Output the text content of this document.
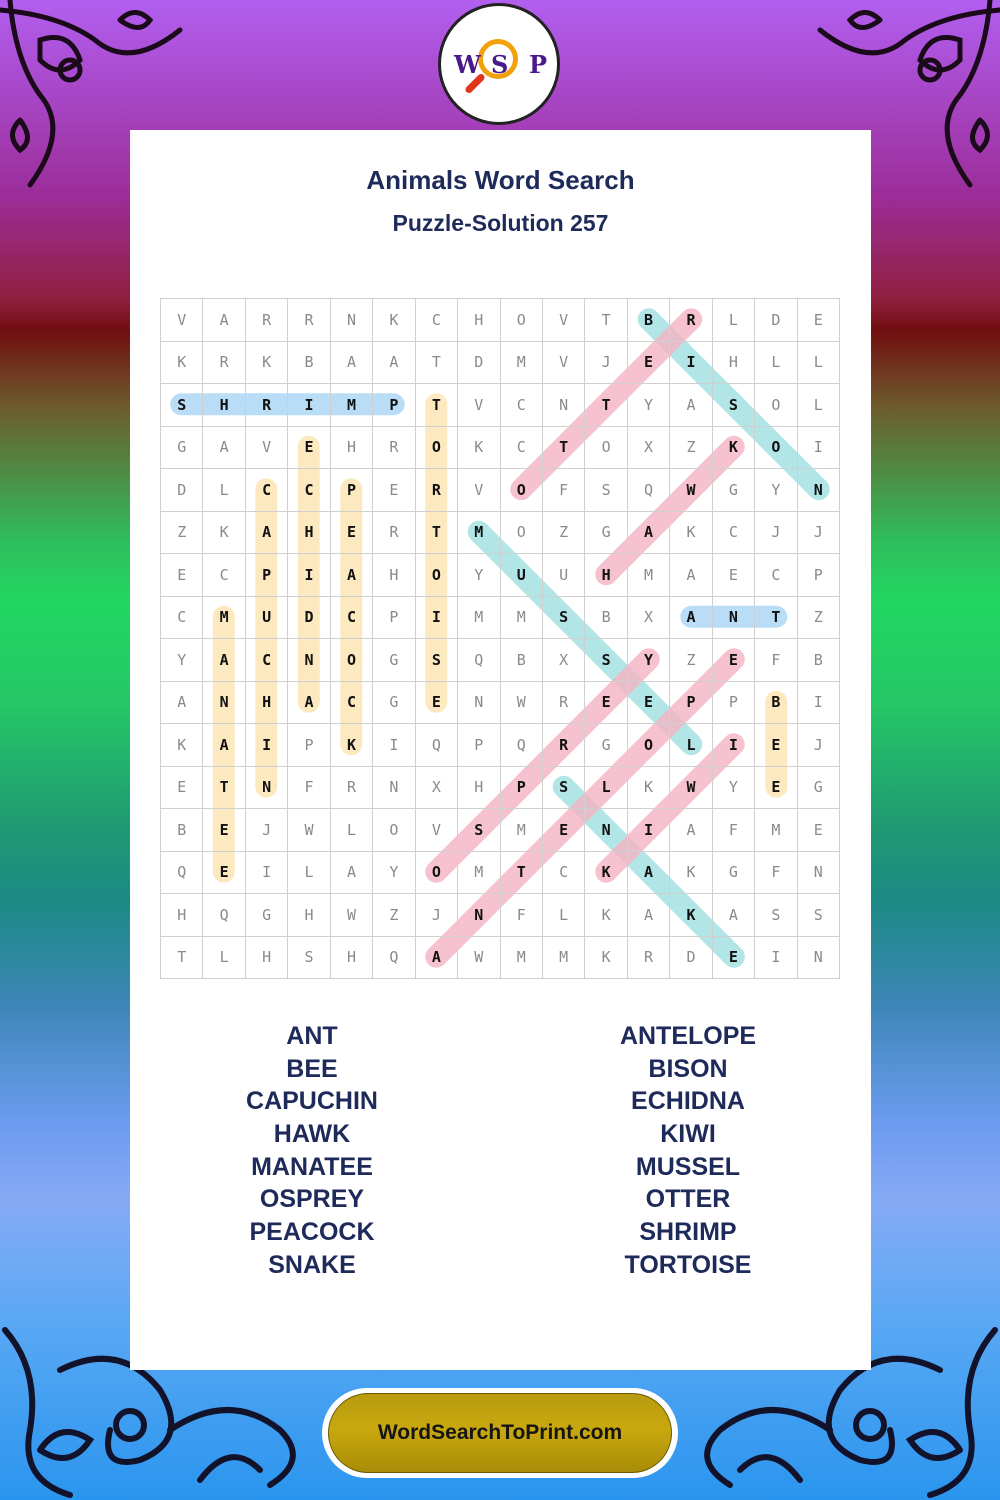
W S P
Animals Word Search
Puzzle-Solution 257
V	A	R	R	N	K	C	H	O	V	T	B	R	L	D	E
K	R	K	B	A	A	T	D	M	V	J	E	I	H	L	L
S	H	R	I	M	P	T	V	C	N	T	Y	A	S	O	L
G	A	V	E	H	R	O	K	C	T	O	X	Z	K	O	I
D	L	C	C	P	E	R	V	O	F	S	Q	W	G	Y	N
Z	K	A	H	E	R	T	M	O	Z	G	A	K	C	J	J
E	C	P	I	A	H	O	Y	U	U	H	M	A	E	C	P
C	M	U	D	C	P	I	M	M	S	B	X	A	N	T	Z
Y	A	C	N	O	G	S	Q	B	X	S	Y	Z	E	F	B
A	N	H	A	C	G	E	N	W	R	E	E	P	P	B	I
K	A	I	P	K	I	Q	P	Q	R	G	O	L	I	E	J
E	T	N	F	R	N	X	H	P	S	L	K	W	Y	E	G
B	E	J	W	L	O	V	S	M	E	N	I	A	F	M	E
Q	E	I	L	A	Y	O	M	T	C	K	A	K	G	F	N
H	Q	G	H	W	Z	J	N	F	L	K	A	K	A	S	S
T	L	H	S	H	Q	A	W	M	M	K	R	D	E	I	N
ANT
BEE
CAPUCHIN
HAWK
MANATEE
OSPREY
PEACOCK
SNAKE
ANTELOPE
BISON
ECHIDNA
KIWI
MUSSEL
OTTER
SHRIMP
TORTOISE
WordSearchToPrint.com
